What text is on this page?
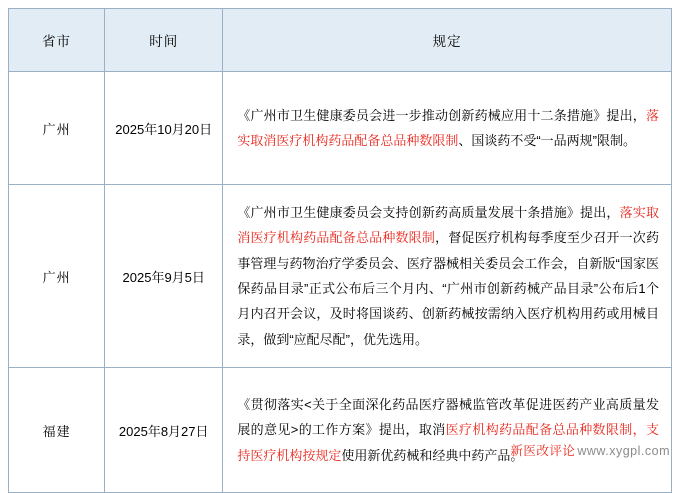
省市	时间	规定
广州	2025年10月20日	《广州市卫生健康委员会进一步推动创新药械应用十二条措施》提出，落实取消医疗机构药品配备总品种数限制、国谈药不受“一品两规”限制。
广州	2025年9月5日	《广州市卫生健康委员会支持创新药高质量发展十条措施》提出，落实取消医疗机构药品配备总品种数限制，督促医疗机构每季度至少召开一次药事管理与药物治疗学委员会、医疗器械相关委员会工作会，自新版“国家医保药品目录”正式公布后三个月内、“广州市创新药械产品目录”公布后1个月内召开会议，及时将国谈药、创新药械按需纳入医疗机构用药或用械目录，做到“应配尽配”，优先选用。
福建	2025年8月27日	《贯彻落实<关于全面深化药品医疗器械监管改革促进医药产业高质量发展的意见>的工作方案》提出，取消医疗机构药品配备总品种数限制，支持医疗机构按规定使用新优药械和经典中药产品。
新医改评论 www.xygpl.com
